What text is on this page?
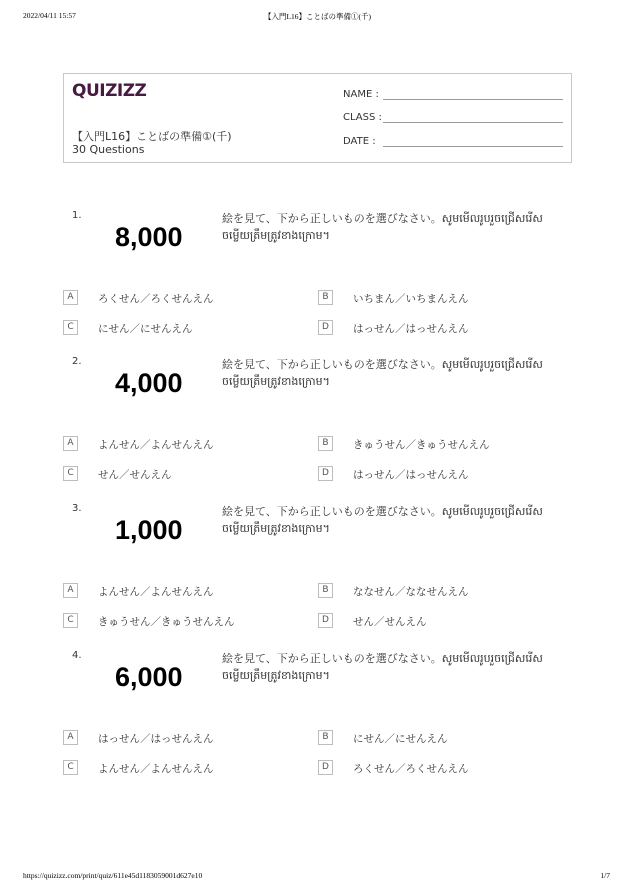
2022/04/11 15:57	【入門L16】ことばの準備①(千)
QUIZIZZ
【入門L16】ことばの準備①(千)
30 Questions
NAME :
CLASS :
DATE :
1.
8,000
絵を見て、下から正しいものを選びなさい。សូមមើលរូបរួចជ្រើសរើសចម្លើយត្រឹមត្រូវខាងក្រោម។
A	ろくせん／ろくせんえん	B	いちまん／いちまんえん
C	にせん／にせんえん	D	はっせん／はっせんえん
2.
4,000
絵を見て、下から正しいものを選びなさい。សូមមើលរូបរួចជ្រើសរើសចម្លើយត្រឹមត្រូវខាងក្រោម។
A	よんせん／よんせんえん	B	きゅうせん／きゅうせんえん
C	せん／せんえん	D	はっせん／はっせんえん
3.
1,000
絵を見て、下から正しいものを選びなさい。សូមមើលរូបរួចជ្រើសរើសចម្លើយត្រឹមត្រូវខាងក្រោម។
A	よんせん／よんせんえん	B	ななせん／ななせんえん
C	きゅうせん／きゅうせんえん	D	せん／せんえん
4.
6,000
絵を見て、下から正しいものを選びなさい。សូមមើលរូបរួចជ្រើសរើសចម្លើយត្រឹមត្រូវខាងក្រោម។
A	はっせん／はっせんえん	B	にせん／にせんえん
C	よんせん／よんせんえん	D	ろくせん／ろくせんえん
https://quizizz.com/print/quiz/611e45d1183059001d627e10	1/7
